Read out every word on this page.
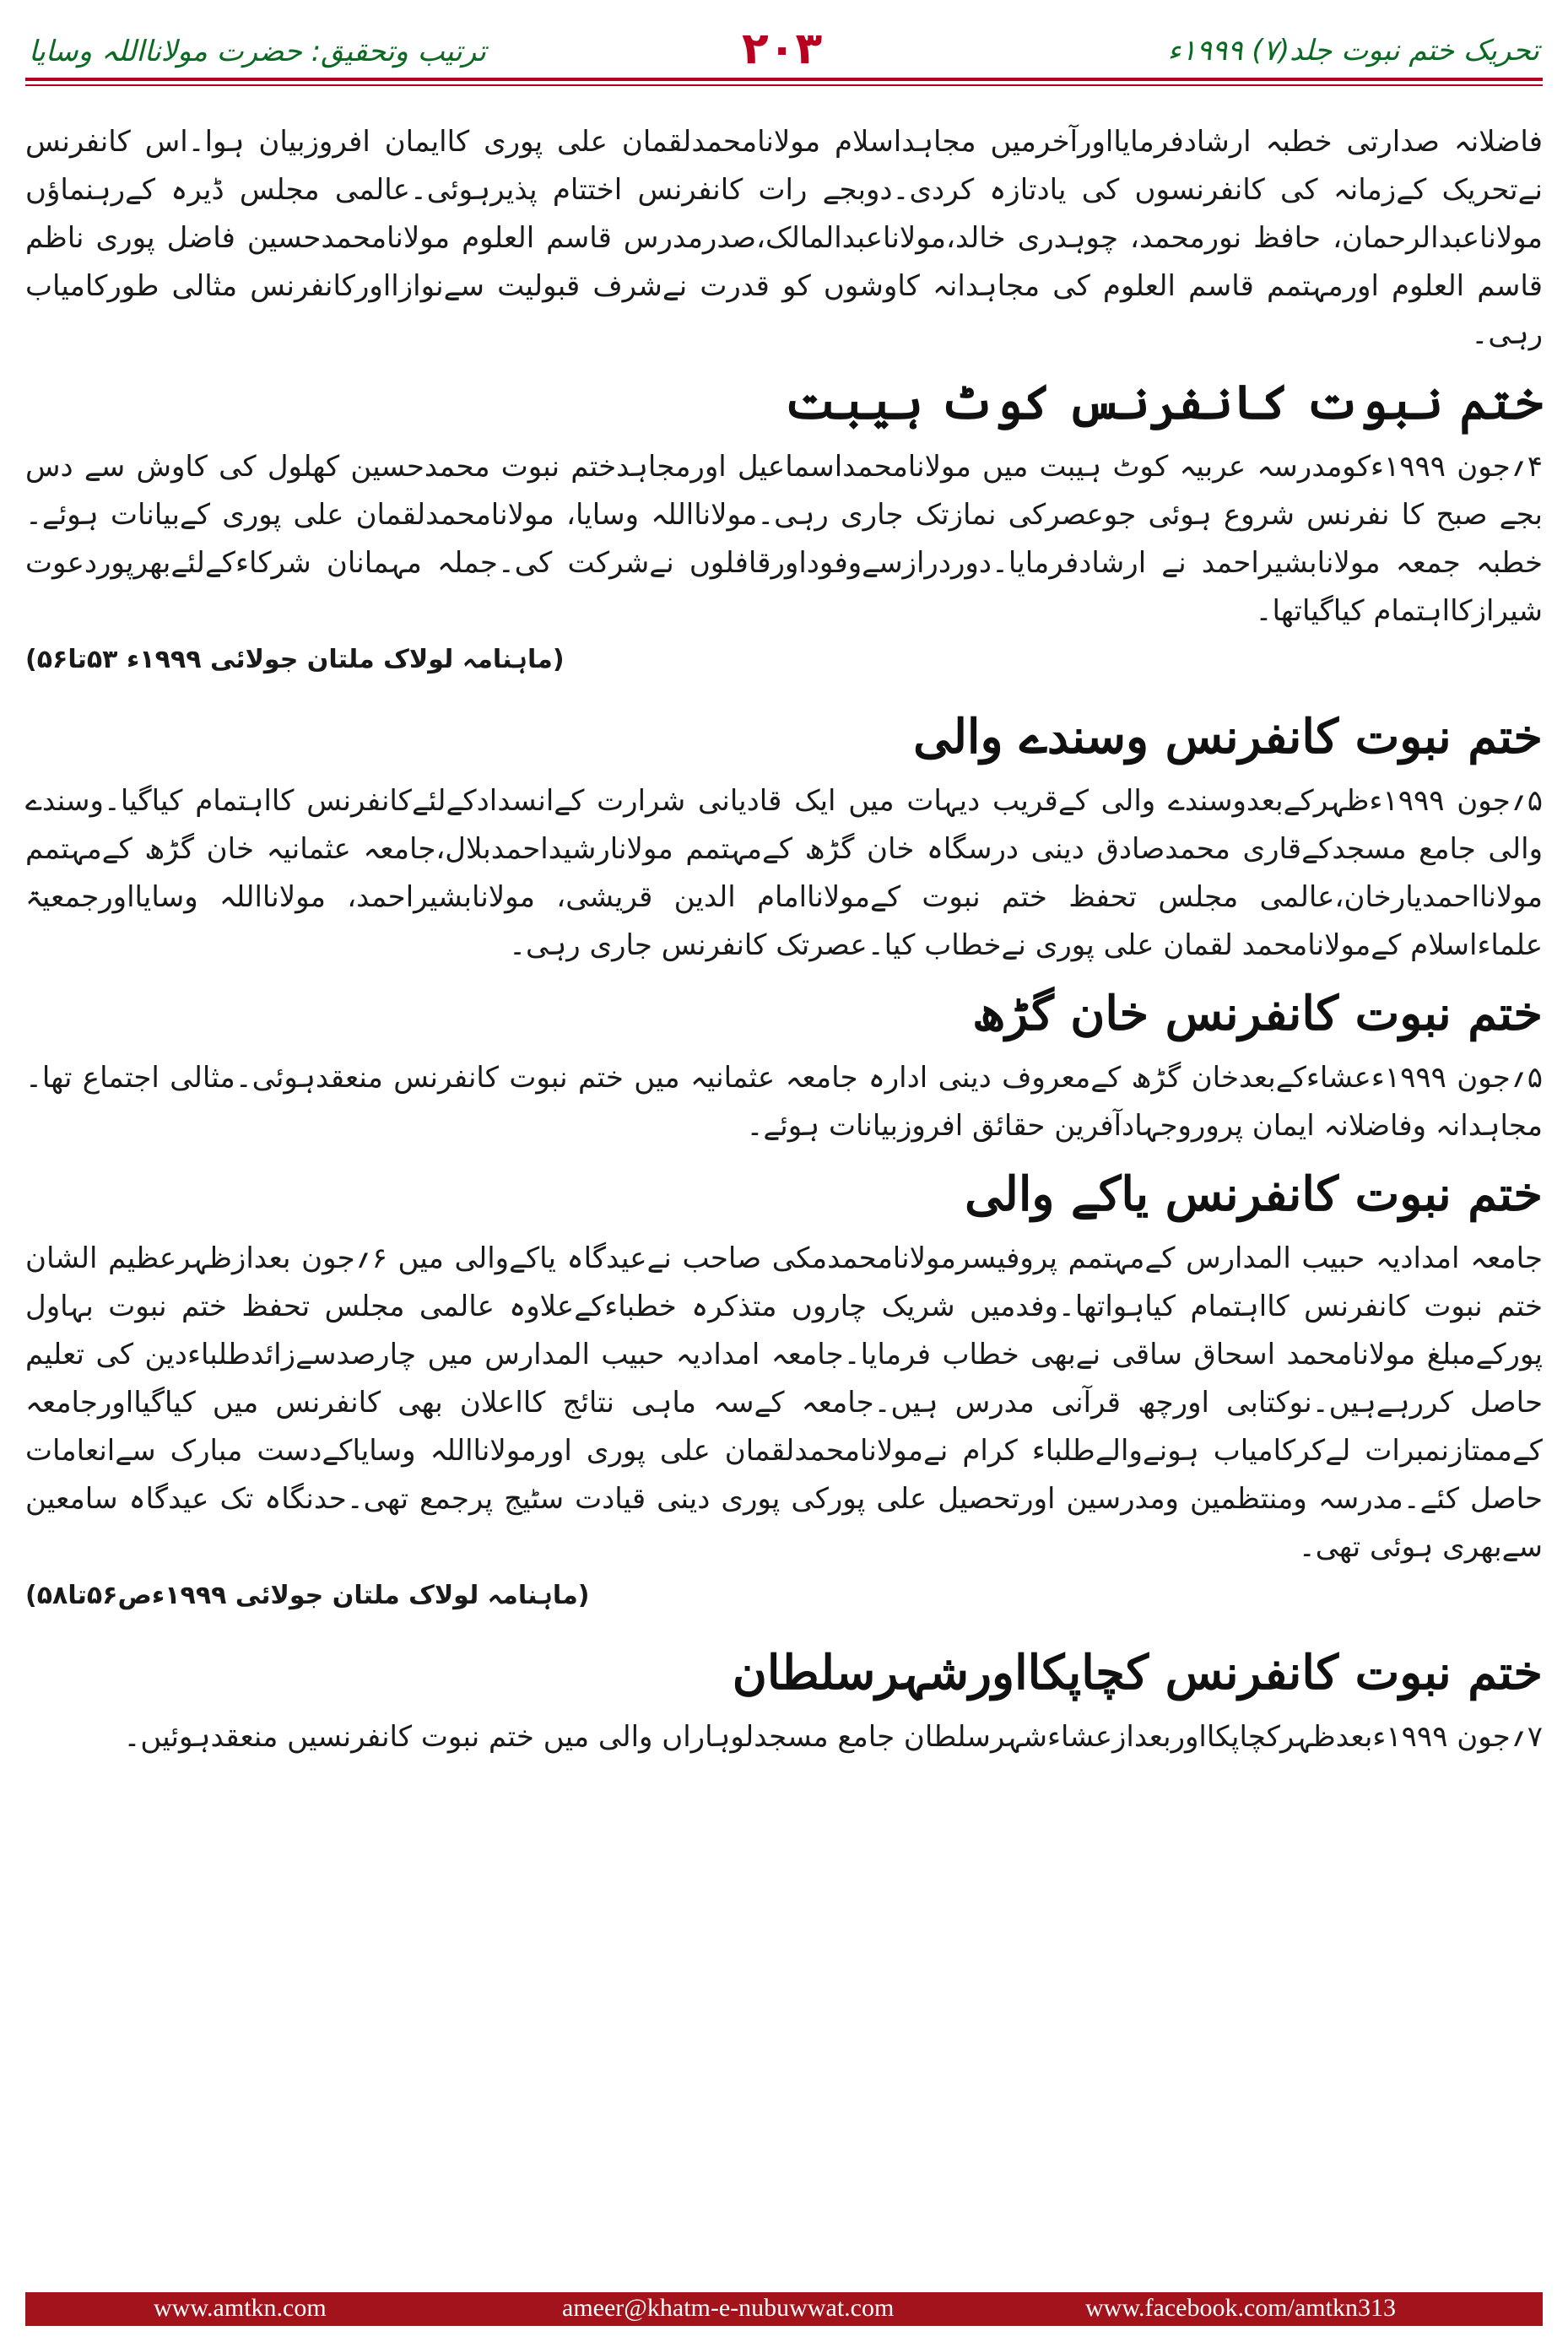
ترتیب وتحقیق: حضرت مولانااللہ وسایا	۲۰۳	تحریک ختم نبوت جلد(۷) ۱۹۹۹ء

فاضلانہ صدارتی خطبہ ارشادفرمایااورآخرمیں مجاہداسلام مولانامحمدلقمان علی پوری کاایمان افروزبیان ہوا۔اس کانفرنس نےتحریک کےزمانہ کی کانفرنسوں کی یادتازہ کردی۔دوبجے رات کانفرنس اختتام پذیرہوئی۔عالمی مجلس ڈیرہ کےرہنماؤں مولاناعبدالرحمان، حافظ نورمحمد، چوہدری خالد،مولاناعبدالمالک،صدرمدرس قاسم العلوم مولانامحمدحسین فاضل پوری ناظم قاسم العلوم اورمہتمم قاسم العلوم کی مجاہدانہ کاوشوں کو قدرت نےشرف قبولیت سےنوازااورکانفرنس مثالی طورکامیاب رہی۔

ختم نبوت کانفرنس کوٹ ہیبت

۴؍جون ۱۹۹۹ءکومدرسہ عربیہ کوٹ ہیبت میں مولانامحمداسماعیل اورمجاہدختم نبوت محمدحسین کھلول کی کاوش سے دس بجے صبح کا نفرنس شروع ہوئی جوعصرکی نمازتک جاری رہی۔مولانااللہ وسایا، مولانامحمدلقمان علی پوری کےبیانات ہوئے۔خطبہ جمعہ مولانابشیراحمد نے ارشادفرمایا۔دوردرازسےوفوداورقافلوں نےشرکت کی۔جملہ مہمانان شرکاءکےلئےبھرپوردعوت شیرازکااہتمام کیاگیاتھا۔

(ماہنامہ لولاک ملتان جولائی ۱۹۹۹ء ۵۳تا۵۶)
ختم نبوت کانفرنس وسندے والی

۵؍جون ۱۹۹۹ءظہرکےبعدوسندے والی کےقریب دیہات میں ایک قادیانی شرارت کےانسدادکےلئےکانفرنس کااہتمام کیاگیا۔وسندے والی جامع مسجدکےقاری محمدصادق دینی درسگاہ خان گڑھ کےمہتمم مولانارشیداحمدبلال،جامعہ عثمانیہ خان گڑھ کےمہتمم مولانااحمدیارخان،عالمی مجلس تحفظ ختم نبوت کےمولاناامام الدین قریشی، مولانابشیراحمد، مولانااللہ وسایااورجمعیۃ علماءاسلام کےمولانامحمد لقمان علی پوری نےخطاب کیا۔عصرتک کانفرنس جاری رہی۔

ختم نبوت کانفرنس خان گڑھ

۵؍جون ۱۹۹۹ءعشاءکےبعدخان گڑھ کےمعروف دینی ادارہ جامعہ عثمانیہ میں ختم نبوت کانفرنس منعقدہوئی۔مثالی اجتماع تھا۔ مجاہدانہ وفاضلانہ ایمان پروروجہادآفرین حقائق افروزبیانات ہوئے۔

ختم نبوت کانفرنس یاکے والی

جامعہ امدادیہ حبیب المدارس کےمہتمم پروفیسرمولانامحمدمکی صاحب نےعیدگاہ یاکےوالی میں ۶؍جون بعدازظہرعظیم الشان ختم نبوت کانفرنس کااہتمام کیاہواتھا۔وفدمیں شریک چاروں متذکرہ خطباءکےعلاوہ عالمی مجلس تحفظ ختم نبوت بہاول پورکےمبلغ مولانامحمد اسحاق ساقی نےبھی خطاب فرمایا۔جامعہ امدادیہ حبیب المدارس میں چارصدسےزائدطلباءدین کی تعلیم حاصل کررہےہیں۔نوکتابی اورچھ قرآنی مدرس ہیں۔جامعہ کےسہ ماہی نتائج کااعلان بھی کانفرنس میں کیاگیااورجامعہ کےممتازنمبرات لےکرکامیاب ہونےوالےطلباء کرام نےمولانامحمدلقمان علی پوری اورمولانااللہ وسایاکےدست مبارک سےانعامات حاصل کئے۔مدرسہ ومنتظمین ومدرسین اورتحصیل علی پورکی پوری دینی قیادت سٹیج پرجمع تھی۔حدنگاہ تک عیدگاہ سامعین سےبھری ہوئی تھی۔

(ماہنامہ لولاک ملتان جولائی ۱۹۹۹ءص۵۶تا۵۸)
ختم نبوت کانفرنس کچاپکااورشہرسلطان

۷؍جون ۱۹۹۹ءبعدظہرکچاپکااوربعدازعشاءشہرسلطان جامع مسجدلوہاراں والی میں ختم نبوت کانفرنسیں منعقدہوئیں۔

www.amtkn.com	ameer@khatm-e-nubuwwat.com	www.facebook.com/amtkn313
